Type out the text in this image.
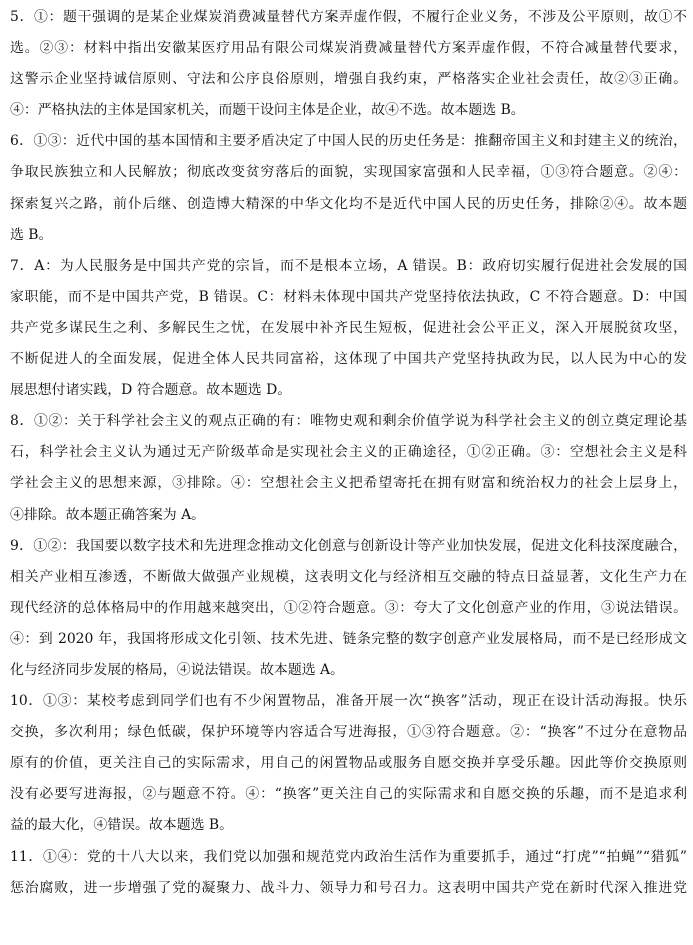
5．①：题干强调的是某企业煤炭消费减量替代方案弄虚作假，不履行企业义务，不涉及公平原则，故①不
选。②③：材料中指出安徽某医疗用品有限公司煤炭消费减量替代方案弄虚作假，不符合减量替代要求，
这警示企业坚持诚信原则、守法和公序良俗原则，增强自我约束，严格落实企业社会责任，故②③正确。
④：严格执法的主体是国家机关，而题干设问主体是企业，故④不选。故本题选 B。
6．①③：近代中国的基本国情和主要矛盾决定了中国人民的历史任务是：推翻帝国主义和封建主义的统治，
争取民族独立和人民解放；彻底改变贫穷落后的面貌，实现国家富强和人民幸福，①③符合题意。②④：
探索复兴之路，前仆后继、创造博大精深的中华文化均不是近代中国人民的历史任务，排除②④。故本题
选 B。
7．A：为人民服务是中国共产党的宗旨，而不是根本立场，A 错误。B：政府切实履行促进社会发展的国
家职能，而不是中国共产党，B 错误。C：材料未体现中国共产党坚持依法执政，C 不符合题意。D：中国
共产党多谋民生之利、多解民生之忧，在发展中补齐民生短板，促进社会公平正义，深入开展脱贫攻坚，
不断促进人的全面发展，促进全体人民共同富裕，这体现了中国共产党坚持执政为民，以人民为中心的发
展思想付诸实践，D 符合题意。故本题选 D。
8．①②：关于科学社会主义的观点正确的有：唯物史观和剩余价值学说为科学社会主义的创立奠定理论基
石，科学社会主义认为通过无产阶级革命是实现社会主义的正确途径，①②正确。③：空想社会主义是科
学社会主义的思想来源，③排除。④：空想社会主义把希望寄托在拥有财富和统治权力的社会上层身上，
④排除。故本题正确答案为 A。
9．①②：我国要以数字技术和先进理念推动文化创意与创新设计等产业加快发展，促进文化科技深度融合，
相关产业相互渗透，不断做大做强产业规模，这表明文化与经济相互交融的特点日益显著，文化生产力在
现代经济的总体格局中的作用越来越突出，①②符合题意。③：夸大了文化创意产业的作用，③说法错误。
④：到 2020 年，我国将形成文化引领、技术先进、链条完整的数字创意产业发展格局，而不是已经形成文
化与经济同步发展的格局，④说法错误。故本题选 A。
10．①③：某校考虑到同学们也有不少闲置物品，准备开展一次“换客”活动，现正在设计活动海报。快乐
交换，多次利用；绿色低碳，保护环境等内容适合写进海报，①③符合题意。②：“换客”不过分在意物品
原有的价值，更关注自己的实际需求，用自己的闲置物品或服务自愿交换并享受乐趣。因此等价交换原则
没有必要写进海报，②与题意不符。④：“换客”更关注自己的实际需求和自愿交换的乐趣，而不是追求利
益的最大化，④错误。故本题选 B。
11．①④：党的十八大以来，我们党以加强和规范党内政治生活作为重要抓手，通过“打虎”“拍蝇”“猎狐”
惩治腐败，进一步增强了党的凝聚力、战斗力、领导力和号召力。这表明中国共产党在新时代深入推进党
